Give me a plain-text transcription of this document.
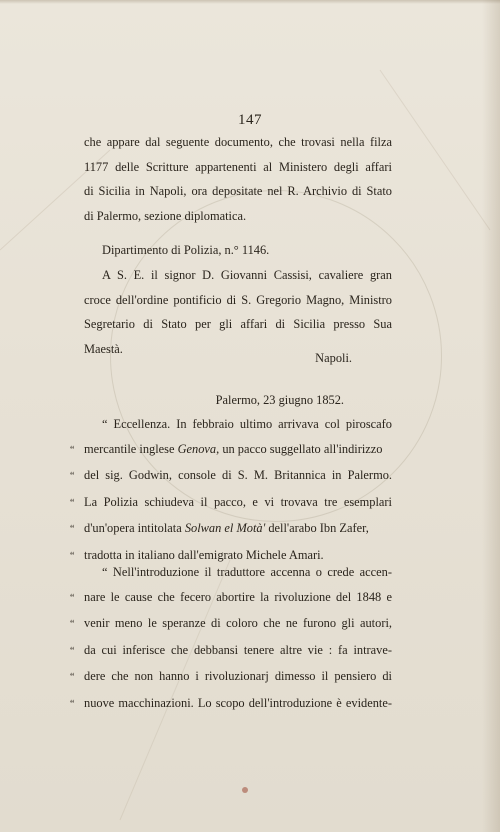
147
che appare dal seguente documento, che trovasi nella filza
1177 delle Scritture appartenenti al Ministero degli affari
di Sicilia in Napoli, ora depositate nel R. Archivio di Stato
di Palermo, sezione diplomatica.
Dipartimento di Polizia, n.° 1146.
A S. E. il signor D. Giovanni Cassisi, cavaliere gran
croce dell'ordine pontificio di S. Gregorio Magno, Ministro
Segretario di Stato per gli affari di Sicilia presso Sua
Maestà.
Napoli.
Palermo, 23 giugno 1852.
“ Eccellenza. In febbraio ultimo arrivava col piroscafo
“ mercantile inglese Genova, un pacco suggellato all'indirizzo
“ del sig. Godwin, console di S. M. Britannica in Palermo.
“ La Polizia schiudeva il pacco, e vi trovava tre esemplari
“ d'un'opera intitolata Solwan el Motà' dell'arabo Ibn Zafer,
“ tradotta in italiano dall'emigrato Michele Amari.
“ Nell'introduzione il traduttore accenna o crede accen-
“ nare le cause che fecero abortire la rivoluzione del 1848 e
“ venir meno le speranze di coloro che ne furono gli autori,
“ da cui inferisce che debbansi tenere altre vie : fa intrave-
“ dere che non hanno i rivoluzionarj dimesso il pensiero di
“ nuove macchinazioni. Lo scopo dell'introduzione è evidente-
